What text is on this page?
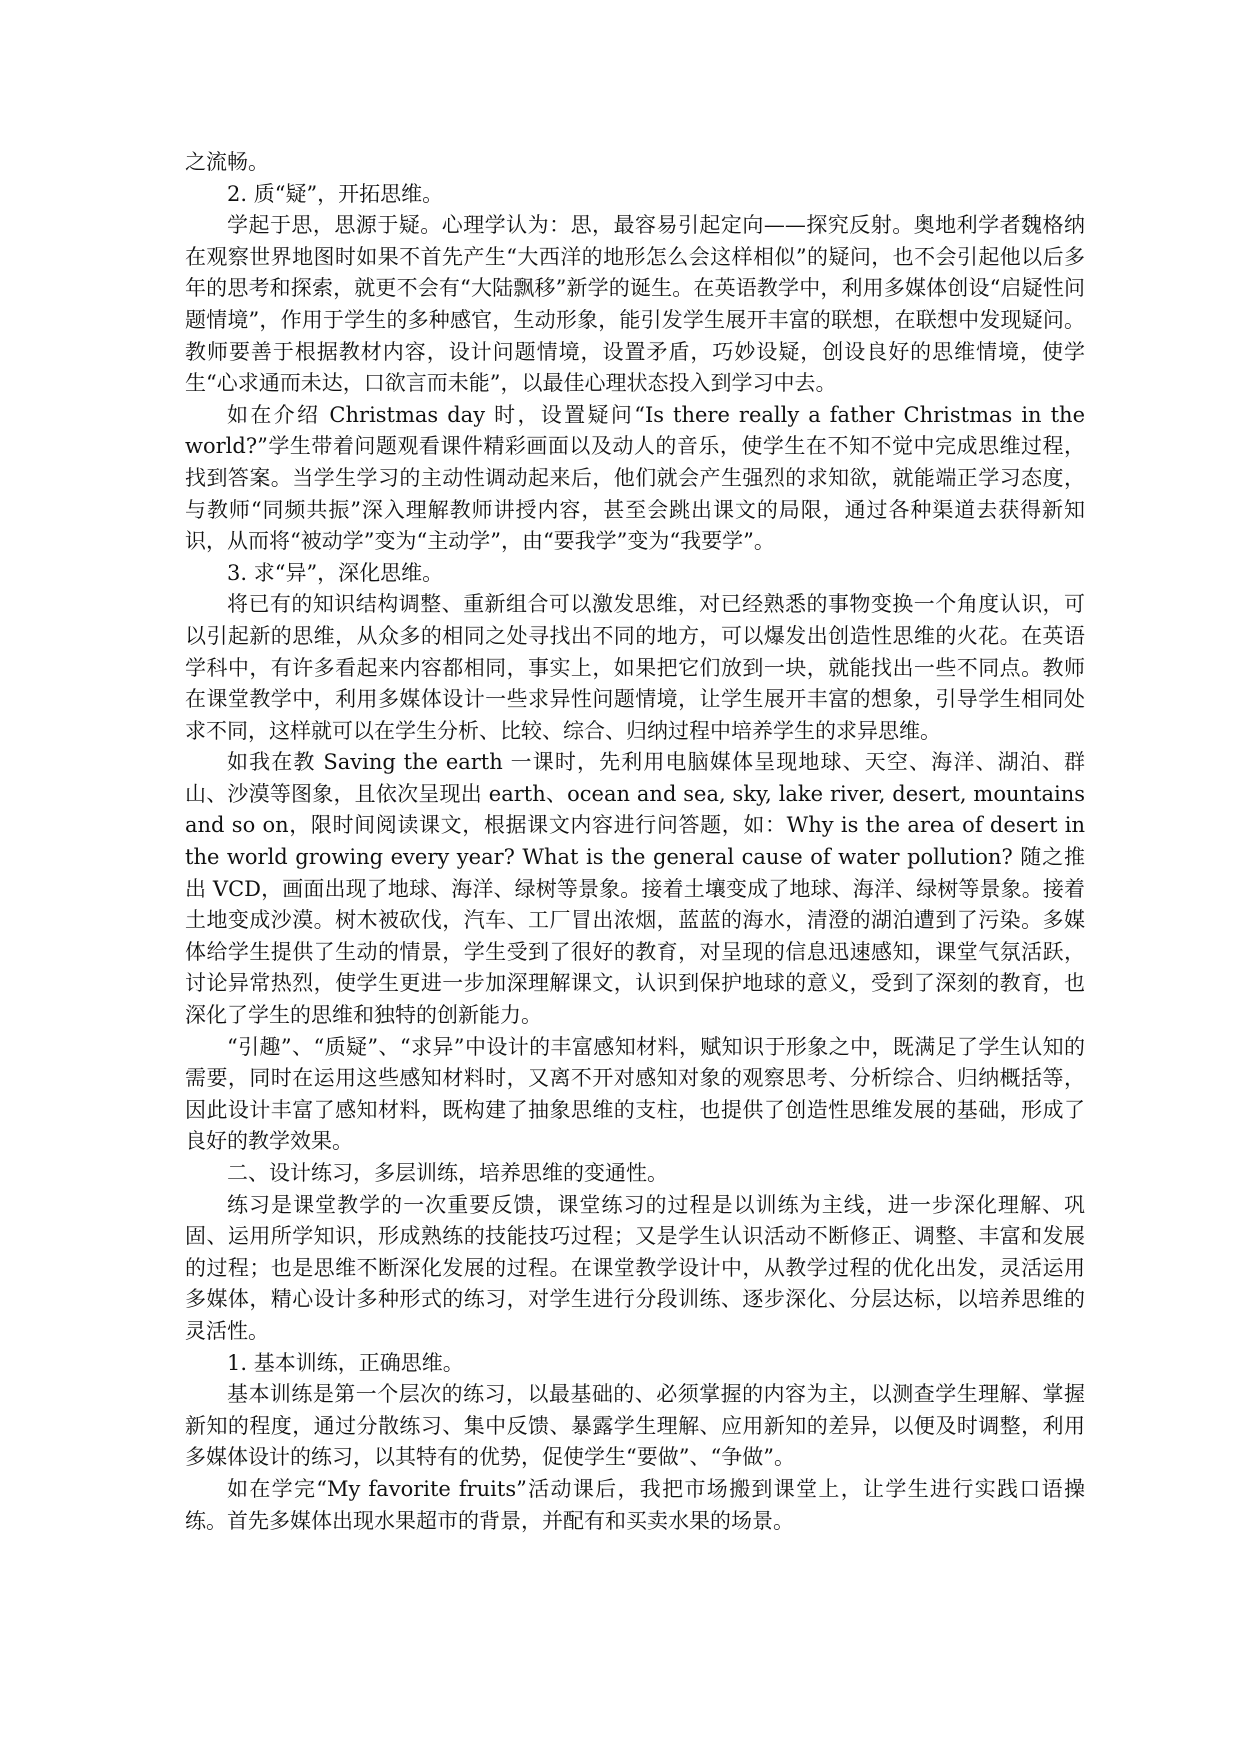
之流畅。

2. 质“疑”，开拓思维。

学起于思，思源于疑。心理学认为：思，最容易引起定向——探究反射。奥地利学者魏格纳在观察世界地图时如果不首先产生“大西洋的地形怎么会这样相似”的疑问，也不会引起他以后多年的思考和探索，就更不会有“大陆飘移”新学的诞生。在英语教学中，利用多媒体创设“启疑性问题情境”，作用于学生的多种感官，生动形象，能引发学生展开丰富的联想，在联想中发现疑问。教师要善于根据教材内容，设计问题情境，设置矛盾，巧妙设疑，创设良好的思维情境，使学生“心求通而未达，口欲言而未能”，以最佳心理状态投入到学习中去。

如在介绍 Christmas day 时，设置疑问“Is there really a father Christmas in the world?”学生带着问题观看课件精彩画面以及动人的音乐，使学生在不知不觉中完成思维过程，找到答案。当学生学习的主动性调动起来后，他们就会产生强烈的求知欲，就能端正学习态度，与教师“同频共振”深入理解教师讲授内容，甚至会跳出课文的局限，通过各种渠道去获得新知识，从而将“被动学”变为“主动学”，由“要我学”变为“我要学”。

3. 求“异”，深化思维。

将已有的知识结构调整、重新组合可以激发思维，对已经熟悉的事物变换一个角度认识，可以引起新的思维，从众多的相同之处寻找出不同的地方，可以爆发出创造性思维的火花。在英语学科中，有许多看起来内容都相同，事实上，如果把它们放到一块，就能找出一些不同点。教师在课堂教学中，利用多媒体设计一些求异性问题情境，让学生展开丰富的想象，引导学生相同处求不同，这样就可以在学生分析、比较、综合、归纳过程中培养学生的求异思维。

如我在教 Saving the earth 一课时，先利用电脑媒体呈现地球、天空、海洋、湖泊、群山、沙漠等图象，且依次呈现出 earth、ocean and sea, sky, lake river, desert, mountains and so on，限时间阅读课文，根据课文内容进行问答题，如：Why is the area of desert in the world growing every year? What is the general cause of water pollution? 随之推出 VCD，画面出现了地球、海洋、绿树等景象。接着土壤变成了地球、海洋、绿树等景象。接着土地变成沙漠。树木被砍伐，汽车、工厂冒出浓烟，蓝蓝的海水，清澄的湖泊遭到了污染。多媒体给学生提供了生动的情景，学生受到了很好的教育，对呈现的信息迅速感知，课堂气氛活跃，讨论异常热烈，使学生更进一步加深理解课文，认识到保护地球的意义，受到了深刻的教育，也深化了学生的思维和独特的创新能力。

“引趣”、“质疑”、“求异”中设计的丰富感知材料，赋知识于形象之中，既满足了学生认知的需要，同时在运用这些感知材料时，又离不开对感知对象的观察思考、分析综合、归纳概括等，因此设计丰富了感知材料，既构建了抽象思维的支柱，也提供了创造性思维发展的基础，形成了良好的教学效果。

二、设计练习，多层训练，培养思维的变通性。

练习是课堂教学的一次重要反馈，课堂练习的过程是以训练为主线，进一步深化理解、巩固、运用所学知识，形成熟练的技能技巧过程；又是学生认识活动不断修正、调整、丰富和发展的过程；也是思维不断深化发展的过程。在课堂教学设计中，从教学过程的优化出发，灵活运用多媒体，精心设计多种形式的练习，对学生进行分段训练、逐步深化、分层达标，以培养思维的灵活性。

1. 基本训练，正确思维。

基本训练是第一个层次的练习，以最基础的、必须掌握的内容为主，以测查学生理解、掌握新知的程度，通过分散练习、集中反馈、暴露学生理解、应用新知的差异，以便及时调整，利用多媒体设计的练习，以其特有的优势，促使学生“要做”、“争做”。

如在学完“My favorite fruits”活动课后，我把市场搬到课堂上，让学生进行实践口语操练。首先多媒体出现水果超市的背景，并配有和买卖水果的场景。
